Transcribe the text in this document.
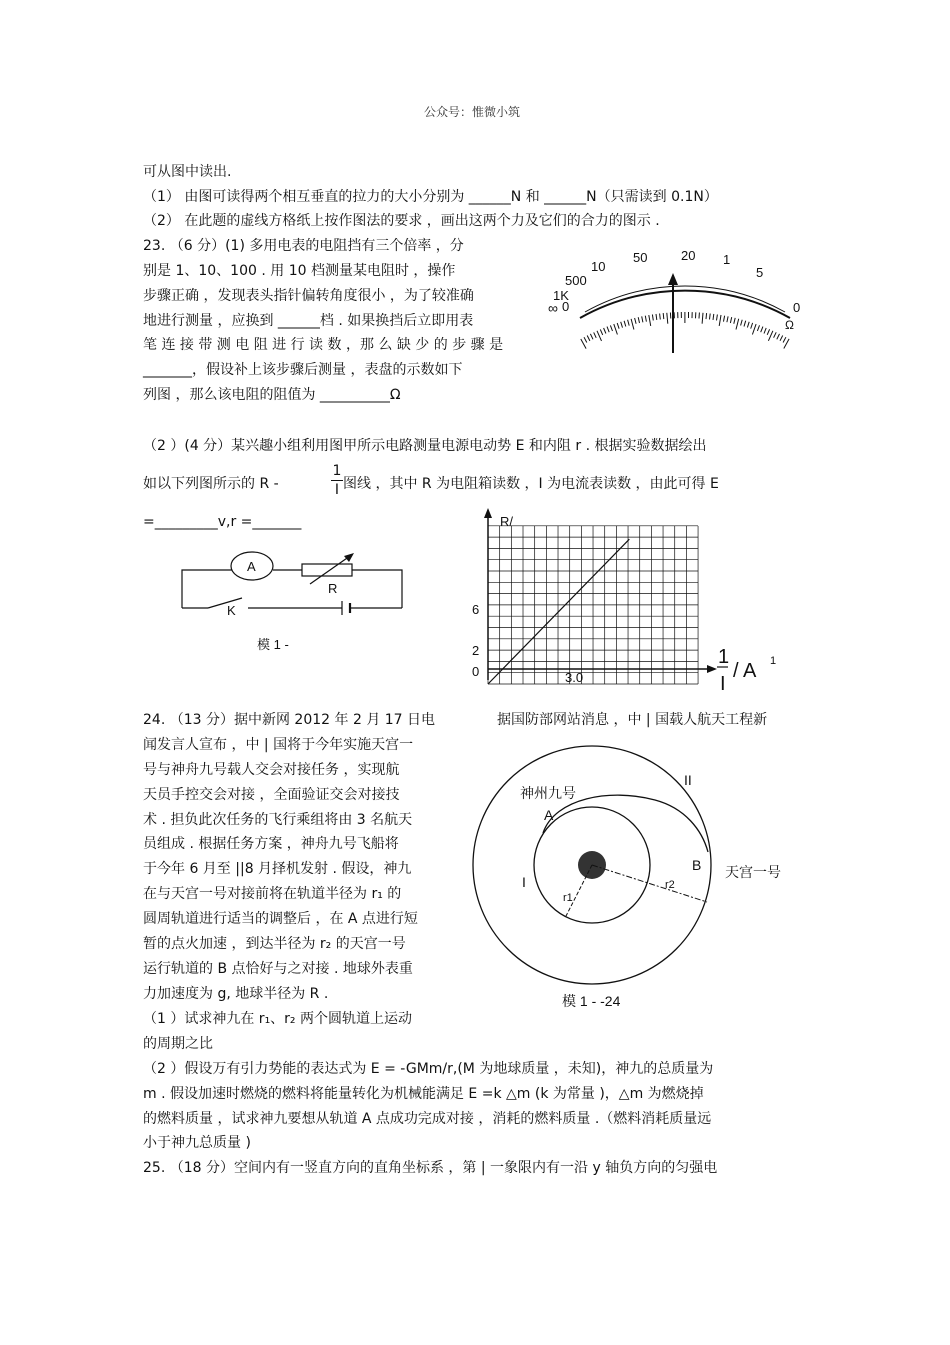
公众号：惟微小筑
可从图中读出.
（1） 由图可读得两个相互垂直的拉力的大小分别为 ______N 和 ______N（只需读到 0.1N）
（2） 在此题的虚线方格纸上按作图法的要求 ，画出这两个力及它们的合力的图示 .
23. （6 分）(1) 多用电表的电阻挡有三个倍率 ，分
别是 1、10、100 . 用 10 档测量某电阻时 ，操作
步骤正确 ，发现表头指针偏转角度很小 ，为了较准确
地进行测量 ，应换到 ______档 . 如果换挡后立即用表
笔 连 接 带 测 电 阻 进 行 读 数 ，那 么 缺 少 的 步 骤 是
_______，假设补上该步骤后测量 ，表盘的示数如下
列图 ，那么该电阻的阻值为 __________Ω
∞ 0
1K
500
10
50	20 1
5
0
Ω
（2 ）(4 分）某兴趣小组利用图甲所示电路测量电源电动势 E 和内阻 r . 根据实验数据绘出
如以下列图所示的 R -
1
I 图线 ，其中 R 为电阻箱读数 ，I 为电流表读数 ，由此可得 E
=_________v,r =_______
A
R
K
模 1 -
R/
6
2
0	3.0
1
I
/ A 1
24. （13 分）据中新网 2012 年 2 月 17 日电	据国防部网站消息 ，中 | 国载人航天工程新
闻发言人宣布 ，中 | 国将于今年实施天宫一
号与神舟九号载人交会对接任务 ，实现航
天员手控交会对接 ，全面验证交会对接技
术 . 担负此次任务的飞行乘组将由 3 名航天
员组成 . 根据任务方案 ，神舟九号飞船将
于今年 6 月至 ||8 月择机发射 . 假设，神九
在与天宫一号对接前将在轨道半径为 r₁ 的
圆周轨道进行适当的调整后 ，在 A 点进行短
暂的点火加速 ，到达半径为 r₂ 的天宫一号
运行轨道的 B 点恰好与之对接 . 地球外表重
力加速度为 g, 地球半径为 R .
（1 ）试求神九在 r₁、r₂ 两个圆轨道上运动
的周期之比
II
神州九号
A
B 天宫一号
I
r1
r2
模 1 - -24
（2 ）假设万有引力势能的表达式为 E = -GMm/r,(M 为地球质量 ，未知)，神九的总质量为
m . 假设加速时燃烧的燃料将能量转化为机械能满足 E =k △m (k 为常量 )，△m 为燃烧掉
的燃料质量 ，试求神九要想从轨道 A 点成功完成对接 ，消耗的燃料质量 .（燃料消耗质量远
小于神九总质量 )
25. （18 分）空间内有一竖直方向的直角坐标系 ，第 | 一象限内有一沿 y 轴负方向的匀强电
